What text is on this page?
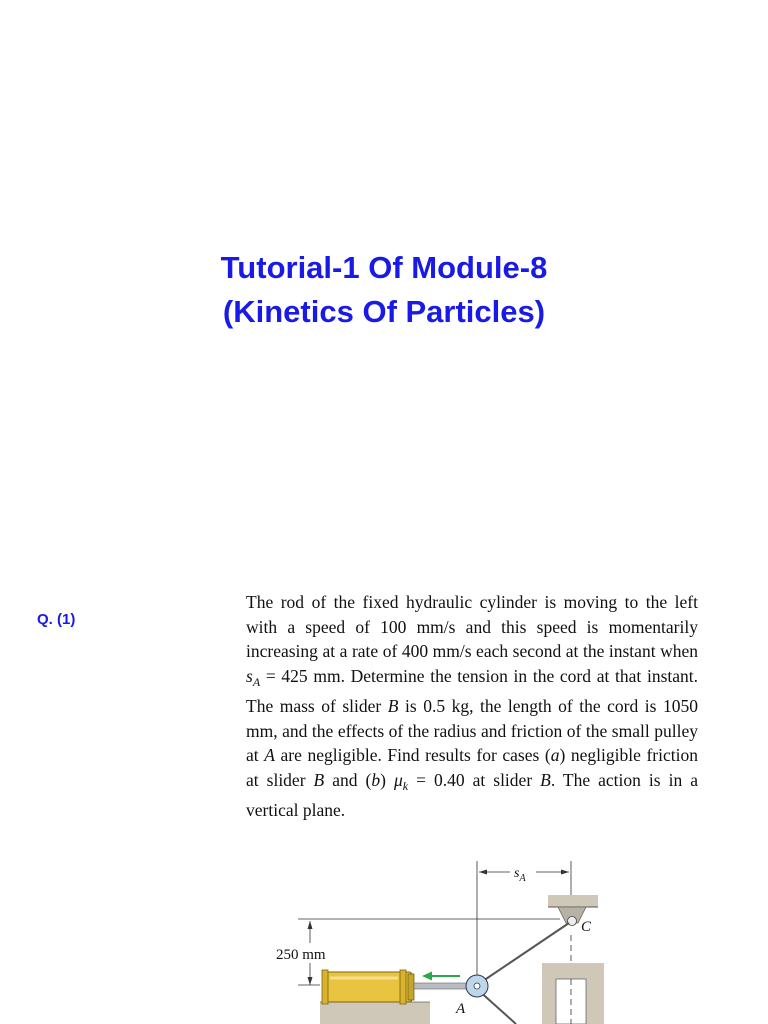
Tutorial-1 Of Module-8
(Kinetics Of Particles)
Q. (1)
The rod of the fixed hydraulic cylinder is moving to the left with a speed of 100 mm/s and this speed is momentarily increasing at a rate of 400 mm/s each second at the instant when $s_A = 425$ mm. Determine the tension in the cord at that instant. The mass of slider B is 0.5 kg, the length of the cord is 1050 mm, and the effects of the radius and friction of the small pulley at A are negligible. Find results for cases (a) negligible friction at slider B and (b) $\mu_k = 0.40$ at slider B. The action is in a vertical plane.
$s_A$
C
250 mm
A
